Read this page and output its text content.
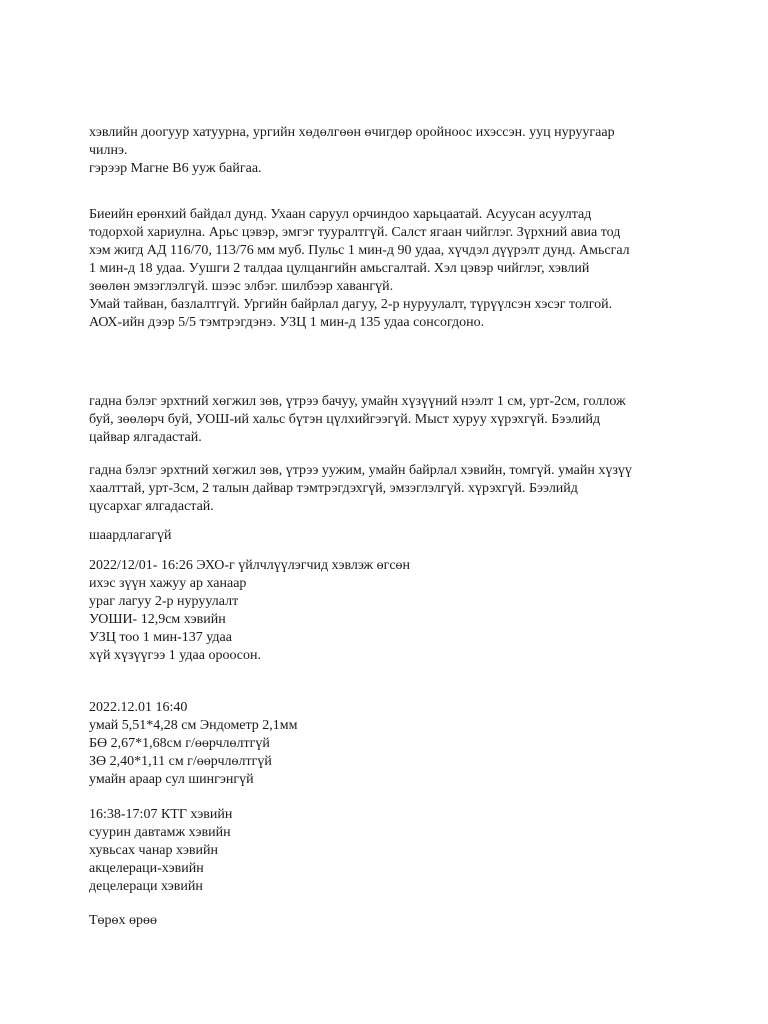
хэвлийн доогуур хатуурна, ургийн хөдөлгөөн өчигдөр оройноос ихэссэн. ууц нуруугаар
чилнэ.
гэрээр Магне B6 ууж байгаа.

Биеийн ерөнхий байдал дунд. Ухаан саруул орчиндоо харьцаатай. Асуусан асуултад
тодорхой хариулна. Арьс цэвэр, эмгэг тууралтгүй. Салст ягаан чийглэг. Зүрхний авиа тод
хэм жигд АД 116/70, 113/76 мм муб. Пульс 1 мин-д 90 удаа, хүчдэл дүүрэлт дунд. Амьсгал
1 мин-д 18 удаа. Уушги 2 талдаа цулцангийн амьсгалтай. Хэл цэвэр чийглэг, хэвлий
зөөлөн эмзэглэлгүй. шээс элбэг. шилбээр хавангүй.
Умай тайван, базлалтгүй. Ургийн байрлал дагуу, 2-р нуруулалт, түрүүлсэн хэсэг толгой.
АОХ-ийн дээр 5/5 тэмтрэгдэнэ. УЗЦ 1 мин-д 135 удаа сонсогдоно.

гадна бэлэг эрхтний хөгжил зөв, үтрээ бачуу, умайн хүзүүний нээлт 1 см, урт-2см, голлож
буй, зөөлөрч буй, УОШ-ий хальс бүтэн цүлхийгээгүй. Мыст хуруу хүрэхгүй. Бээлийд
цайвар ялгадастай.

гадна бэлэг эрхтний хөгжил зөв, үтрээ уужим, умайн байрлал хэвийн, томгүй. умайн хүзүү
хаалттай, урт-3см, 2 талын дайвар тэмтрэгдэхгүй, эмзэглэлгүй. хүрэхгүй. Бээлийд
цусархаг ялгадастай.

шаардлагагүй

2022/12/01- 16:26 ЭХО-г үйлчлүүлэгчид хэвлэж өгсөн
ихэс зүүн хажуу ар ханаар
ураг лагуу 2-р нуруулалт
УОШИ- 12,9см хэвийн
УЗЦ тоо 1 мин-137 удаа
хүй хүзүүгээ 1 удаа ороосон.

2022.12.01 16:40
умай 5,51*4,28 см Эндометр 2,1мм
БӨ 2,67*1,68см г/өөрчлөлтгүй
ЗӨ 2,40*1,11 см г/өөрчлөлтгүй
умайн араар сул шингэнгүй

16:38-17:07 КТГ хэвийн
суурин давтамж хэвийн
хувьсах чанар хэвийн
акцелераци-хэвийн
децелераци хэвийн

Төрөх өрөө
